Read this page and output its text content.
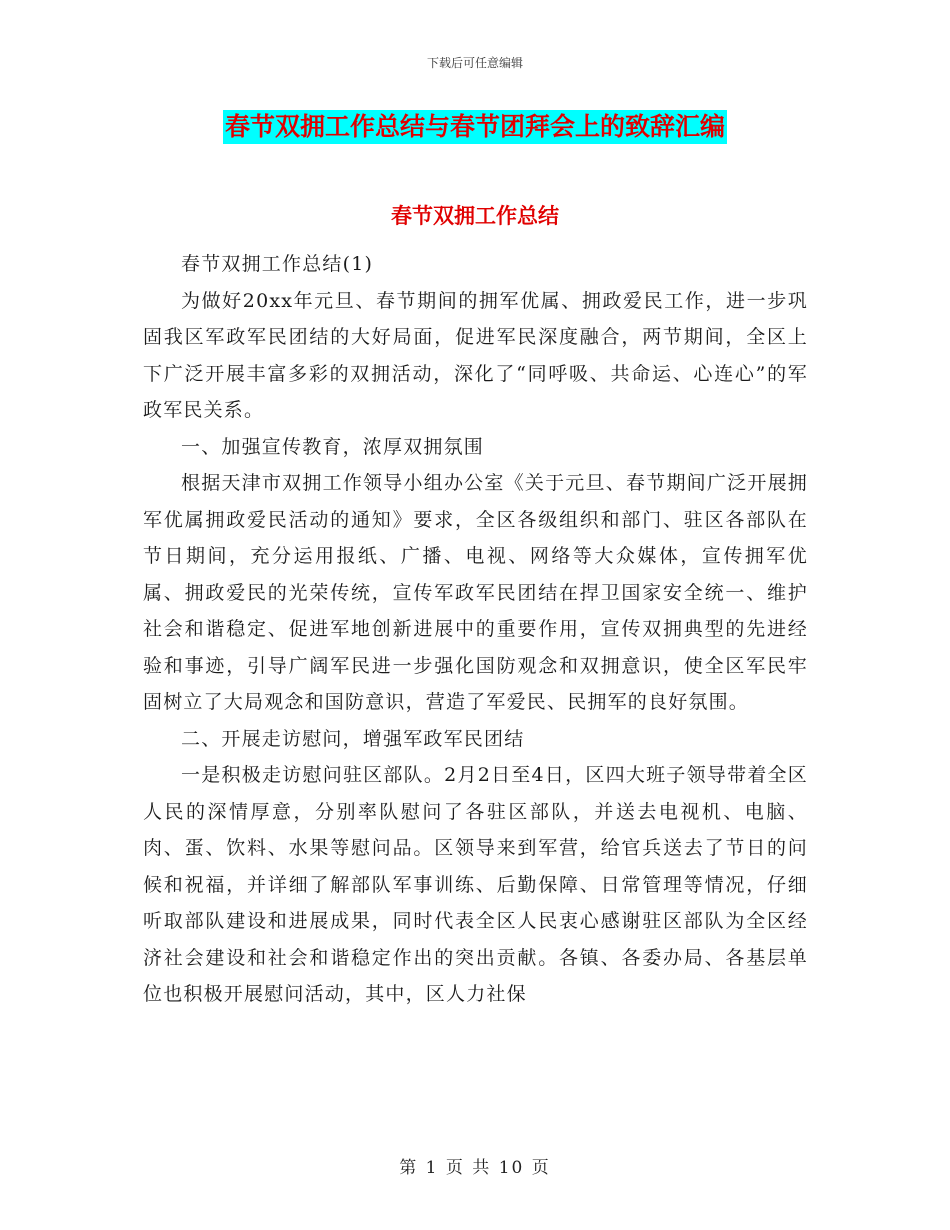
下载后可任意编辑
春节双拥工作总结与春节团拜会上的致辞汇编
春节双拥工作总结

春节双拥工作总结(1)

为做好20xx年元旦、春节期间的拥军优属、拥政爱民工作，进一步巩固我区军政军民团结的大好局面，促进军民深度融合，两节期间，全区上下广泛开展丰富多彩的双拥活动，深化了“同呼吸、共命运、心连心”的军政军民关系。

一、加强宣传教育，浓厚双拥氛围

根据天津市双拥工作领导小组办公室《关于元旦、春节期间广泛开展拥军优属拥政爱民活动的通知》要求，全区各级组织和部门、驻区各部队在节日期间，充分运用报纸、广播、电视、网络等大众媒体，宣传拥军优属、拥政爱民的光荣传统，宣传军政军民团结在捍卫国家安全统一、维护社会和谐稳定、促进军地创新进展中的重要作用，宣传双拥典型的先进经验和事迹，引导广阔军民进一步强化国防观念和双拥意识，使全区军民牢固树立了大局观念和国防意识，营造了军爱民、民拥军的良好氛围。

二、开展走访慰问，增强军政军民团结

一是积极走访慰问驻区部队。2月2日至4日，区四大班子领导带着全区人民的深情厚意，分别率队慰问了各驻区部队，并送去电视机、电脑、肉、蛋、饮料、水果等慰问品。区领导来到军营，给官兵送去了节日的问候和祝福，并详细了解部队军事训练、后勤保障、日常管理等情况，仔细听取部队建设和进展成果，同时代表全区人民衷心感谢驻区部队为全区经济社会建设和社会和谐稳定作出的突出贡献。各镇、各委办局、各基层单位也积极开展慰问活动，其中，区人力社保

第 1 页 共 10 页
